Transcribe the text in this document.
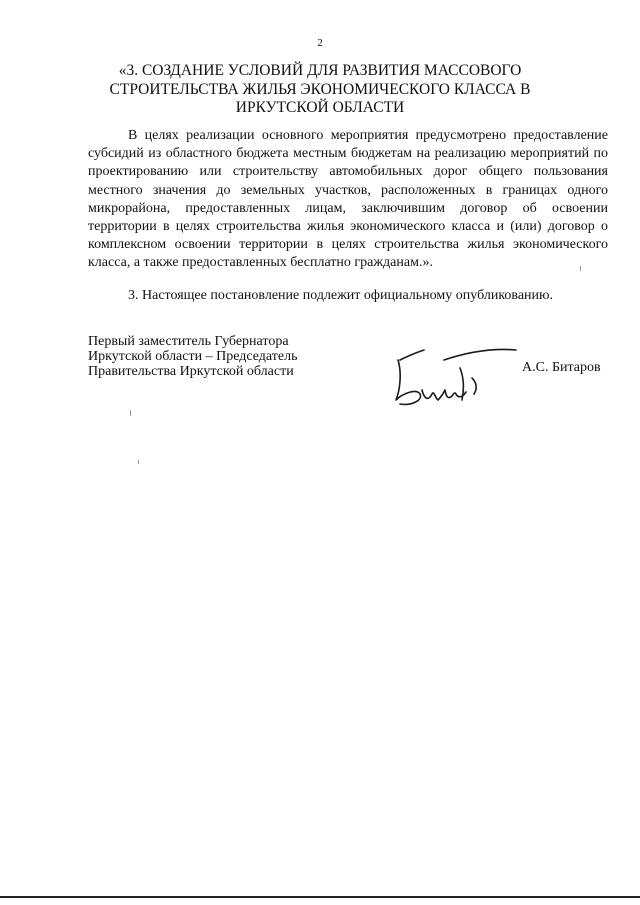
2
«3. СОЗДАНИЕ УСЛОВИЙ ДЛЯ РАЗВИТИЯ МАССОВОГО СТРОИТЕЛЬСТВА ЖИЛЬЯ ЭКОНОМИЧЕСКОГО КЛАССА В ИРКУТСКОЙ ОБЛАСТИ

В целях реализации основного мероприятия предусмотрено предоставление субсидий из областного бюджета местным бюджетам на реализацию мероприятий по проектированию или строительству автомобильных дорог общего пользования местного значения до земельных участков, расположенных в границах одного микрорайона, предоставленных лицам, заключившим договор об освоении территории в целях строительства жилья экономического класса и (или) договор о комплексном освоении территории в целях строительства жилья экономического класса, а также предоставленных бесплатно гражданам.».

3. Настоящее постановление подлежит официальному опубликованию.

Первый заместитель Губернатора
Иркутской области – Председатель
Правительства Иркутской области	А.С. Битаров
